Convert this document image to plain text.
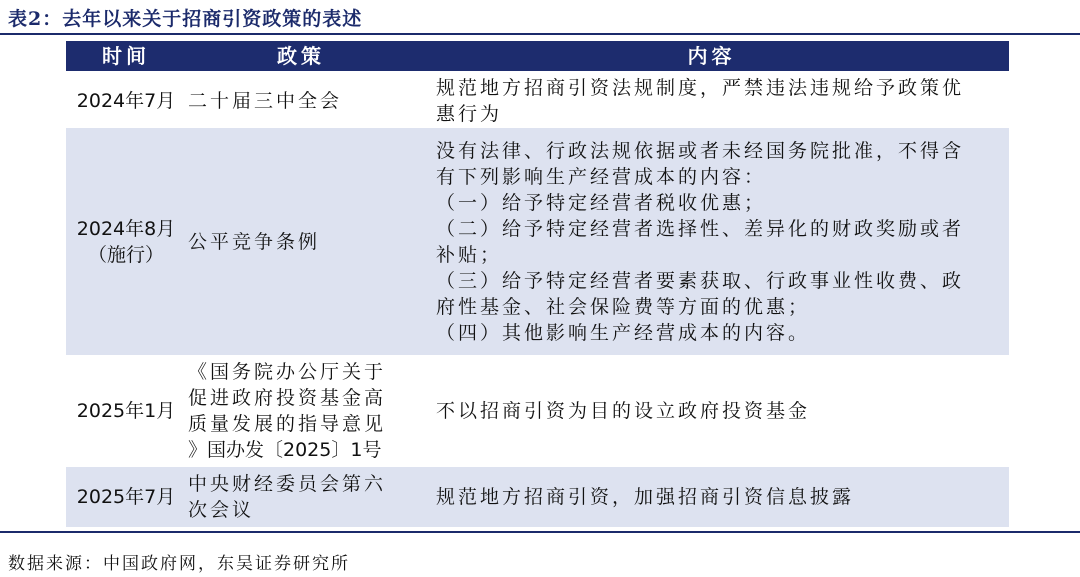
表2：去年以来关于招商引资政策的表述
时间	政策	内容
2024年7月 二十届三中全会
规范地方招商引资法规制度，严禁违法违规给予政策优
惠行为
2024年8月
（施行）
公平竞争条例
没有法律、行政法规依据或者未经国务院批准，不得含
有下列影响生产经营成本的内容：
（一）给予特定经营者税收优惠；
（二）给予特定经营者选择性、差异化的财政奖励或者
补贴；
（三）给予特定经营者要素获取、行政事业性收费、政
府性基金、社会保险费等方面的优惠；
（四）其他影响生产经营成本的内容。
2025年1月
《国务院办公厅关于
促进政府投资基金高
质量发展的指导意见
》国办发〔2025〕1号
不以招商引资为目的设立政府投资基金
2025年7月
中央财经委员会第六
次会议
规范地方招商引资，加强招商引资信息披露
数据来源：中国政府网，东吴证券研究所
